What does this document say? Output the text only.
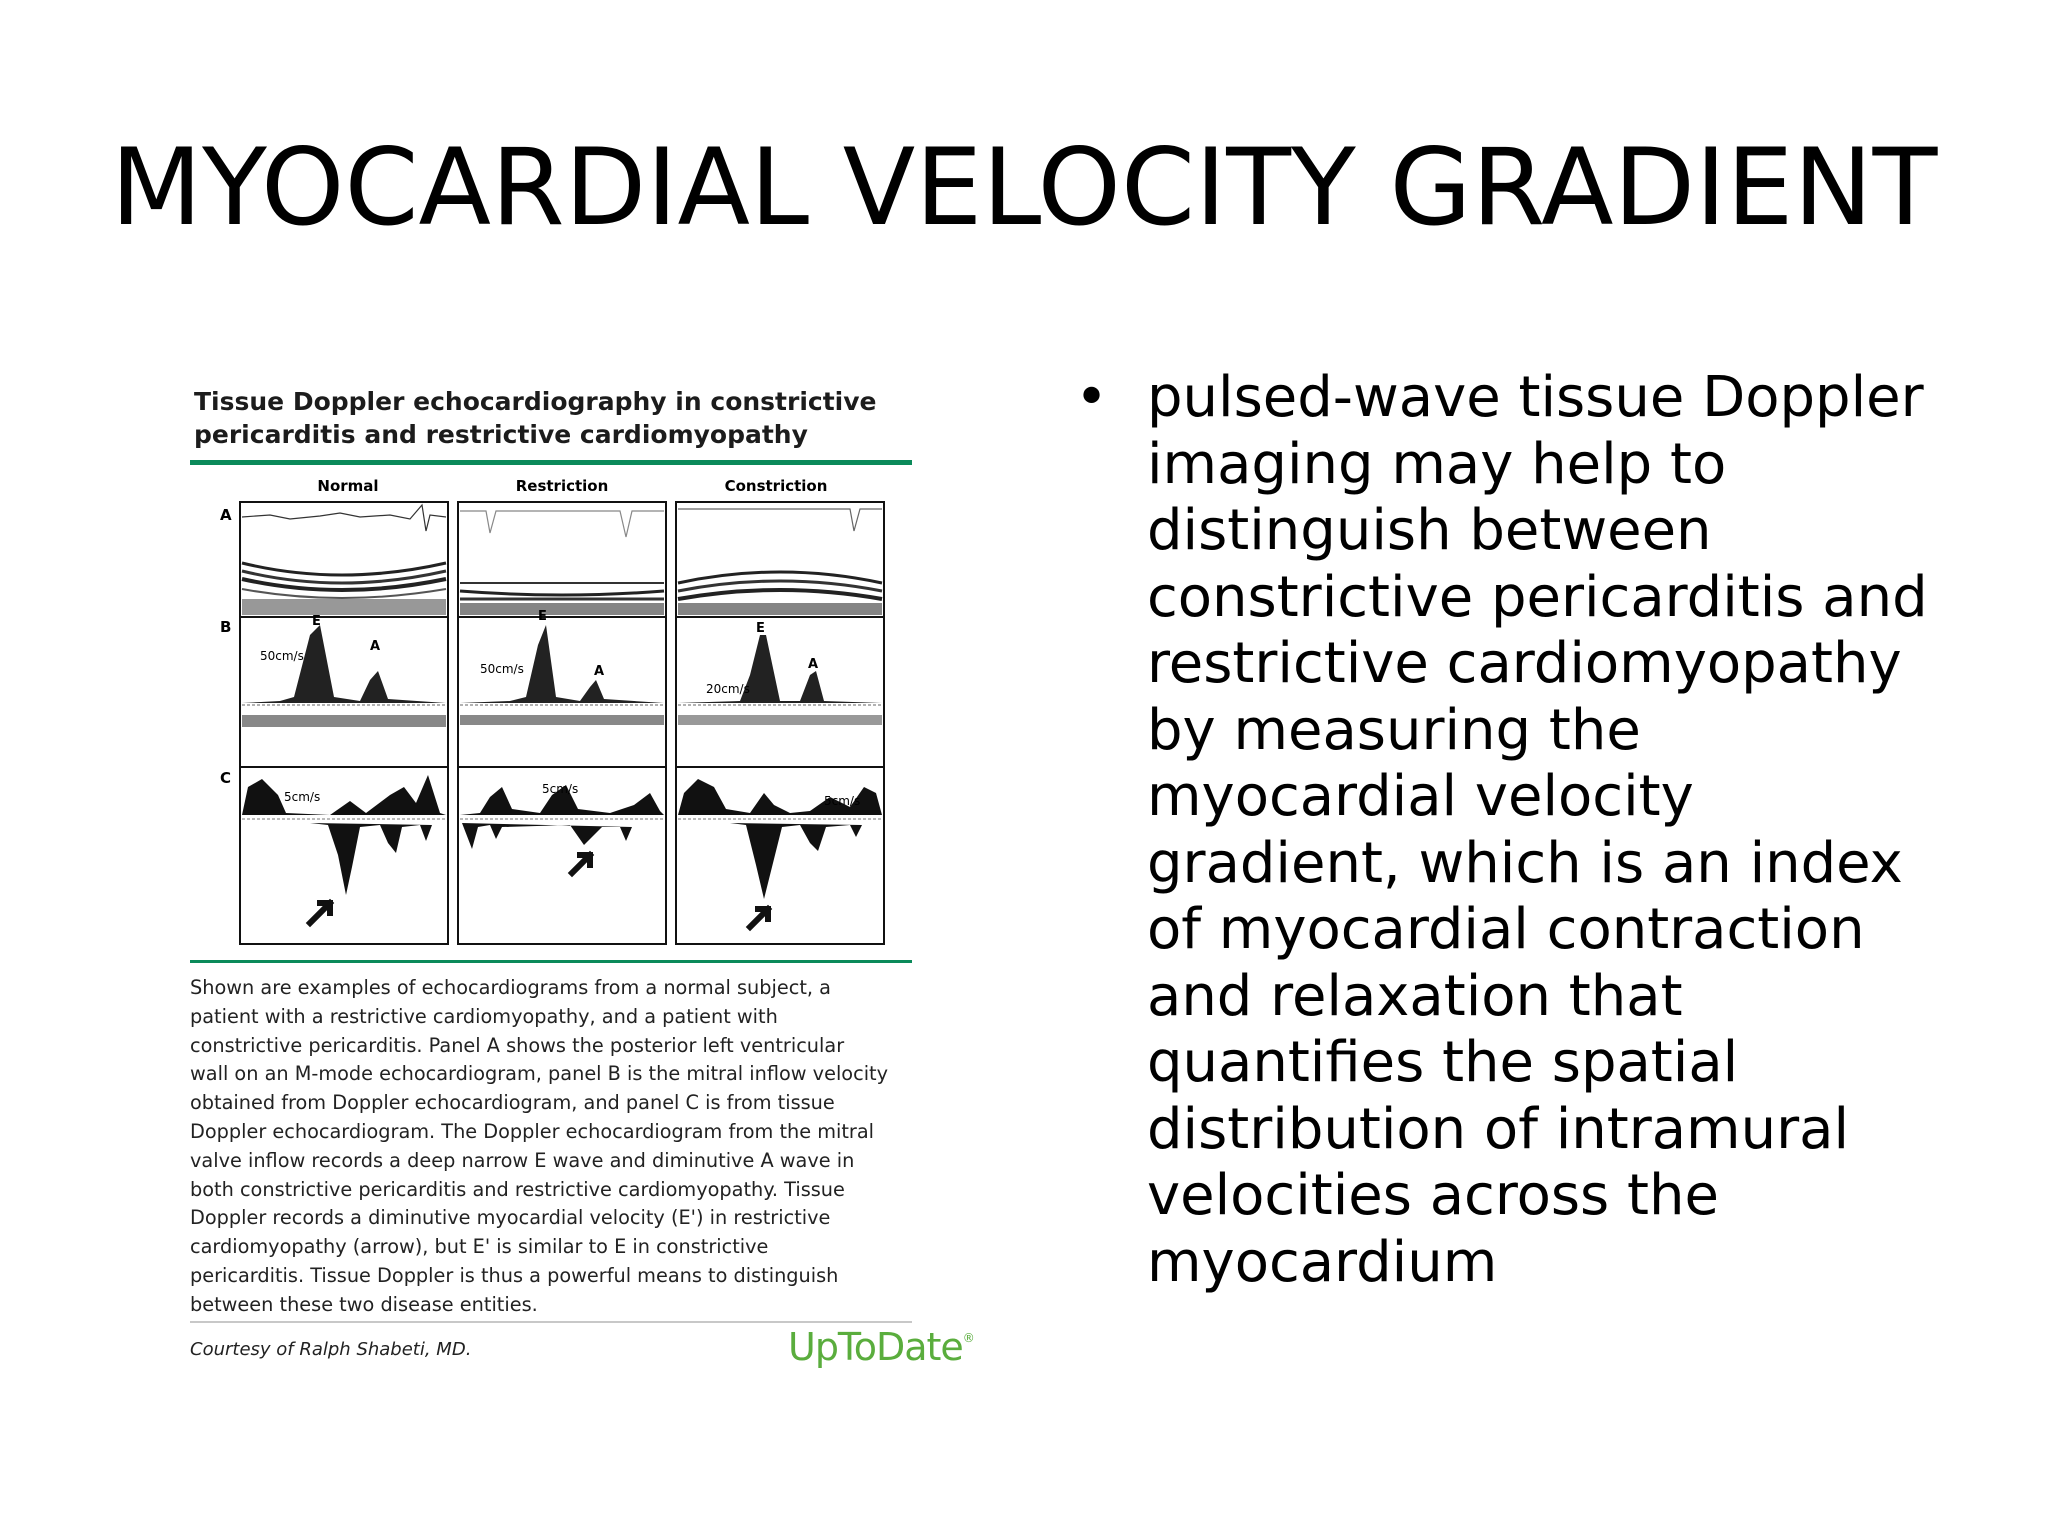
MYOCARDIAL VELOCITY GRADIENT
Tissue Doppler echocardiography in constrictive
pericarditis and restrictive cardiomyopathy
Normal	Restriction	Constriction
A
B
C
50cm/s
E
A
5cm/s
50cm/s
E
A
5cm/s
20cm/s
E
A
5cm/s
Shown are examples of echocardiograms from a normal subject, a
patient with a restrictive cardiomyopathy, and a patient with
constrictive pericarditis. Panel A shows the posterior left ventricular
wall on an M-mode echocardiogram, panel B is the mitral inflow velocity
obtained from Doppler echocardiogram, and panel C is from tissue
Doppler echocardiogram. The Doppler echocardiogram from the mitral
valve inflow records a deep narrow E wave and diminutive A wave in
both constrictive pericarditis and restrictive cardiomyopathy. Tissue
Doppler records a diminutive myocardial velocity (E') in restrictive
cardiomyopathy (arrow), but E' is similar to E in constrictive
pericarditis. Tissue Doppler is thus a powerful means to distinguish
between these two disease entities.
Courtesy of Ralph Shabeti, MD.	UpToDate®
• pulsed-wave tissue Doppler
imaging may help to
distinguish between
constrictive pericarditis and
restrictive cardiomyopathy
by measuring the
myocardial velocity
gradient, which is an index
of myocardial contraction
and relaxation that
quantifies the spatial
distribution of intramural
velocities across the
myocardium
